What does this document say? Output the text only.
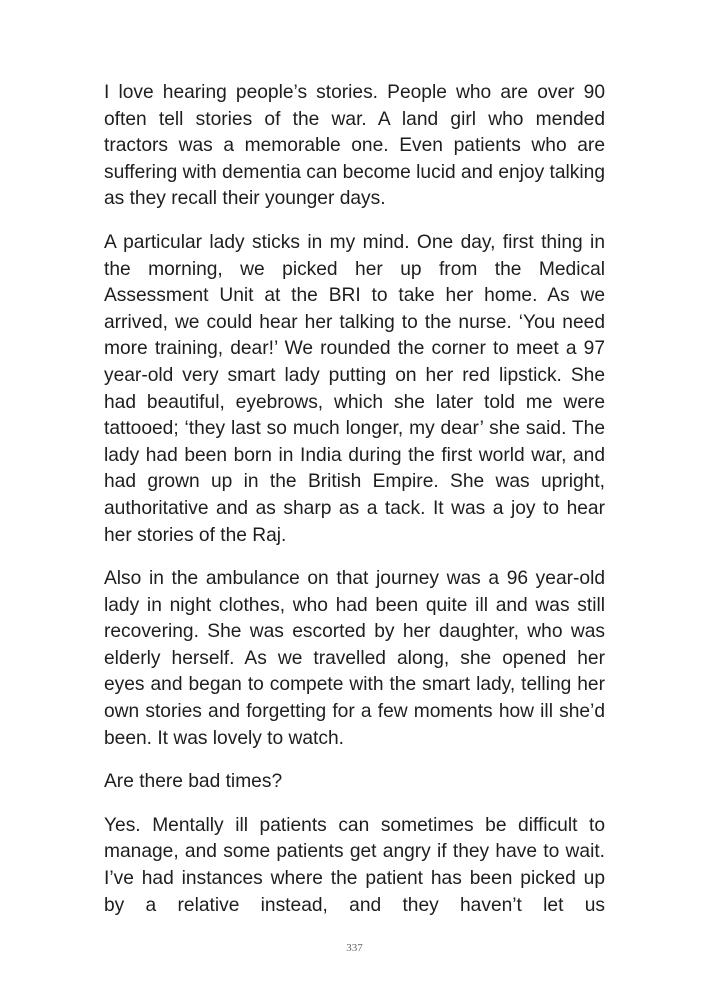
I love hearing people’s stories. People who are over 90 often tell stories of the war. A land girl who mended tractors was a memorable one. Even patients who are suffering with dementia can become lucid and enjoy talking as they recall their younger days.

A particular lady sticks in my mind. One day, first thing in the morning, we picked her up from the Medical Assessment Unit at the BRI to take her home. As we arrived, we could hear her talking to the nurse. ‘You need more training, dear!’ We rounded the corner to meet a 97 year-old very smart lady putting on her red lipstick. She had beautiful, eyebrows, which she later told me were tattooed; ‘they last so much longer, my dear’ she said. The lady had been born in India during the first world war, and had grown up in the British Empire. She was upright, authoritative and as sharp as a tack. It was a joy to hear her stories of the Raj.

Also in the ambulance on that journey was a 96 year-old lady in night clothes, who had been quite ill and was still recovering. She was escorted by her daughter, who was elderly herself. As we travelled along, she opened her eyes and began to compete with the smart lady, telling her own stories and forgetting for a few moments how ill she’d been. It was lovely to watch.

Are there bad times?

Yes. Mentally ill patients can sometimes be difficult to manage, and some patients get angry if they have to wait. I’ve had instances where the patient has been picked up by a relative instead, and they haven’t let us

337
